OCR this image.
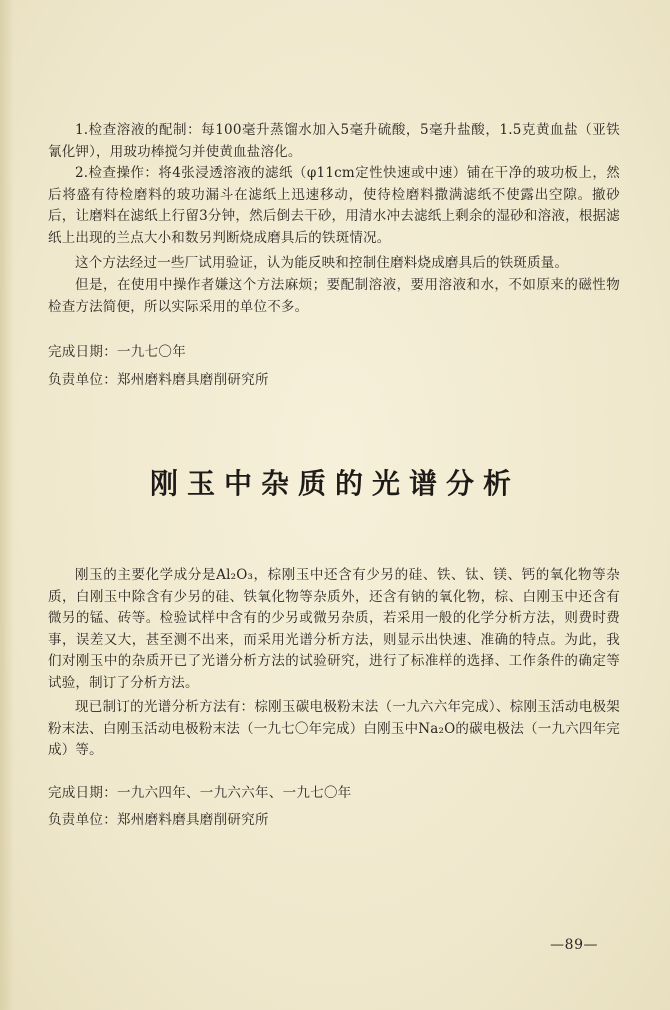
1.检查溶液的配制：每100毫升蒸馏水加入5毫升硫酸，5毫升盐酸，1.5克黄血盐（亚铁氰化钾），用玻功棒搅匀并使黄血盐溶化。

2.检查操作：将4张浸透溶液的滤纸（φ11cm定性快速或中速）铺在干净的玻功板上，然后将盛有待检磨料的玻功漏斗在滤纸上迅速移动，使待检磨料撒满滤纸不使露出空隙。撤砂后，让磨料在滤纸上行留3分钟，然后倒去干砂，用清水冲去滤纸上剩余的湿砂和溶液，根据滤纸上出现的兰点大小和数另判断烧成磨具后的铁斑情况。

这个方法经过一些厂试用验证，认为能反映和控制住磨料烧成磨具后的铁斑质量。

但是，在使用中操作者嫌这个方法麻烦；要配制溶液，要用溶液和水，不如原来的磁性物检查方法简便，所以实际采用的单位不多。

完成日期：一九七〇年

负责单位：郑州磨料磨具磨削研究所

刚玉中杂质的光谱分析

刚玉的主要化学成分是Al₂O₃，棕刚玉中还含有少另的硅、铁、钛、镁、钙的氧化物等杂质，白刚玉中除含有少另的硅、铁氧化物等杂质外，还含有钠的氧化物，棕、白刚玉中还含有微另的锰、砖等。检验试样中含有的少另或微另杂质，若采用一般的化学分析方法，则费时费事，误差又大，甚至测不出来，而采用光谱分析方法，则显示出快速、准确的特点。为此，我们对刚玉中的杂质开已了光谱分析方法的试验研究，进行了标准样的选择、工作条件的确定等试验，制订了分析方法。

现已制订的光谱分析方法有：棕刚玉碳电极粉末法（一九六六年完成）、棕刚玉活动电极架粉末法、白刚玉活动电极粉末法（一九七〇年完成）白刚玉中Na₂O的碳电极法（一九六四年完成）等。

完成日期：一九六四年、一九六六年、一九七〇年

负责单位：郑州磨料磨具磨削研究所

—89—
